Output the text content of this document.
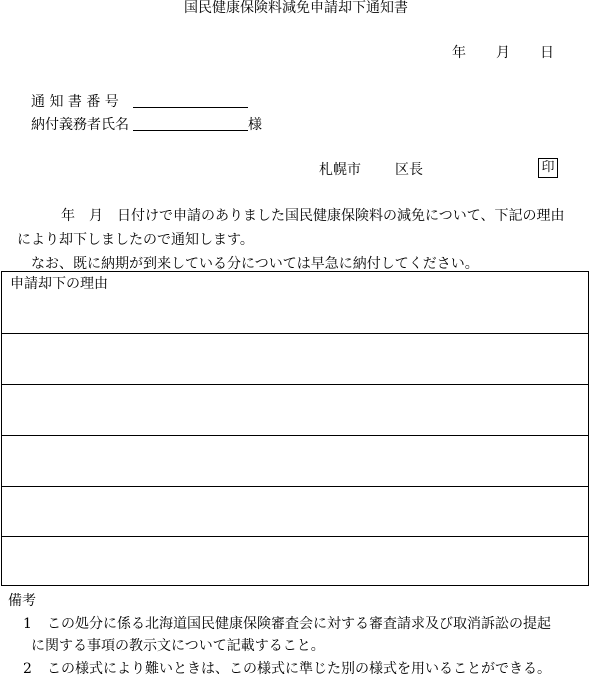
国民健康保険料減免申請却下通知書
年 月 日
通 知 書 番 号
納付義務者氏名	様
札幌市 区長	印
年　月　日付けで申請のありました国民健康保険料の減免について、下記の理由
により却下しましたので通知します。
なお、既に納期が到来している分については早急に納付してください。
申請却下の理由
備考
1 この処分に係る北海道国民健康保険審査会に対する審査請求及び取消訴訟の提起
に関する事項の教示文について記載すること。
2 この様式により難いときは、この様式に準じた別の様式を用いることができる。
